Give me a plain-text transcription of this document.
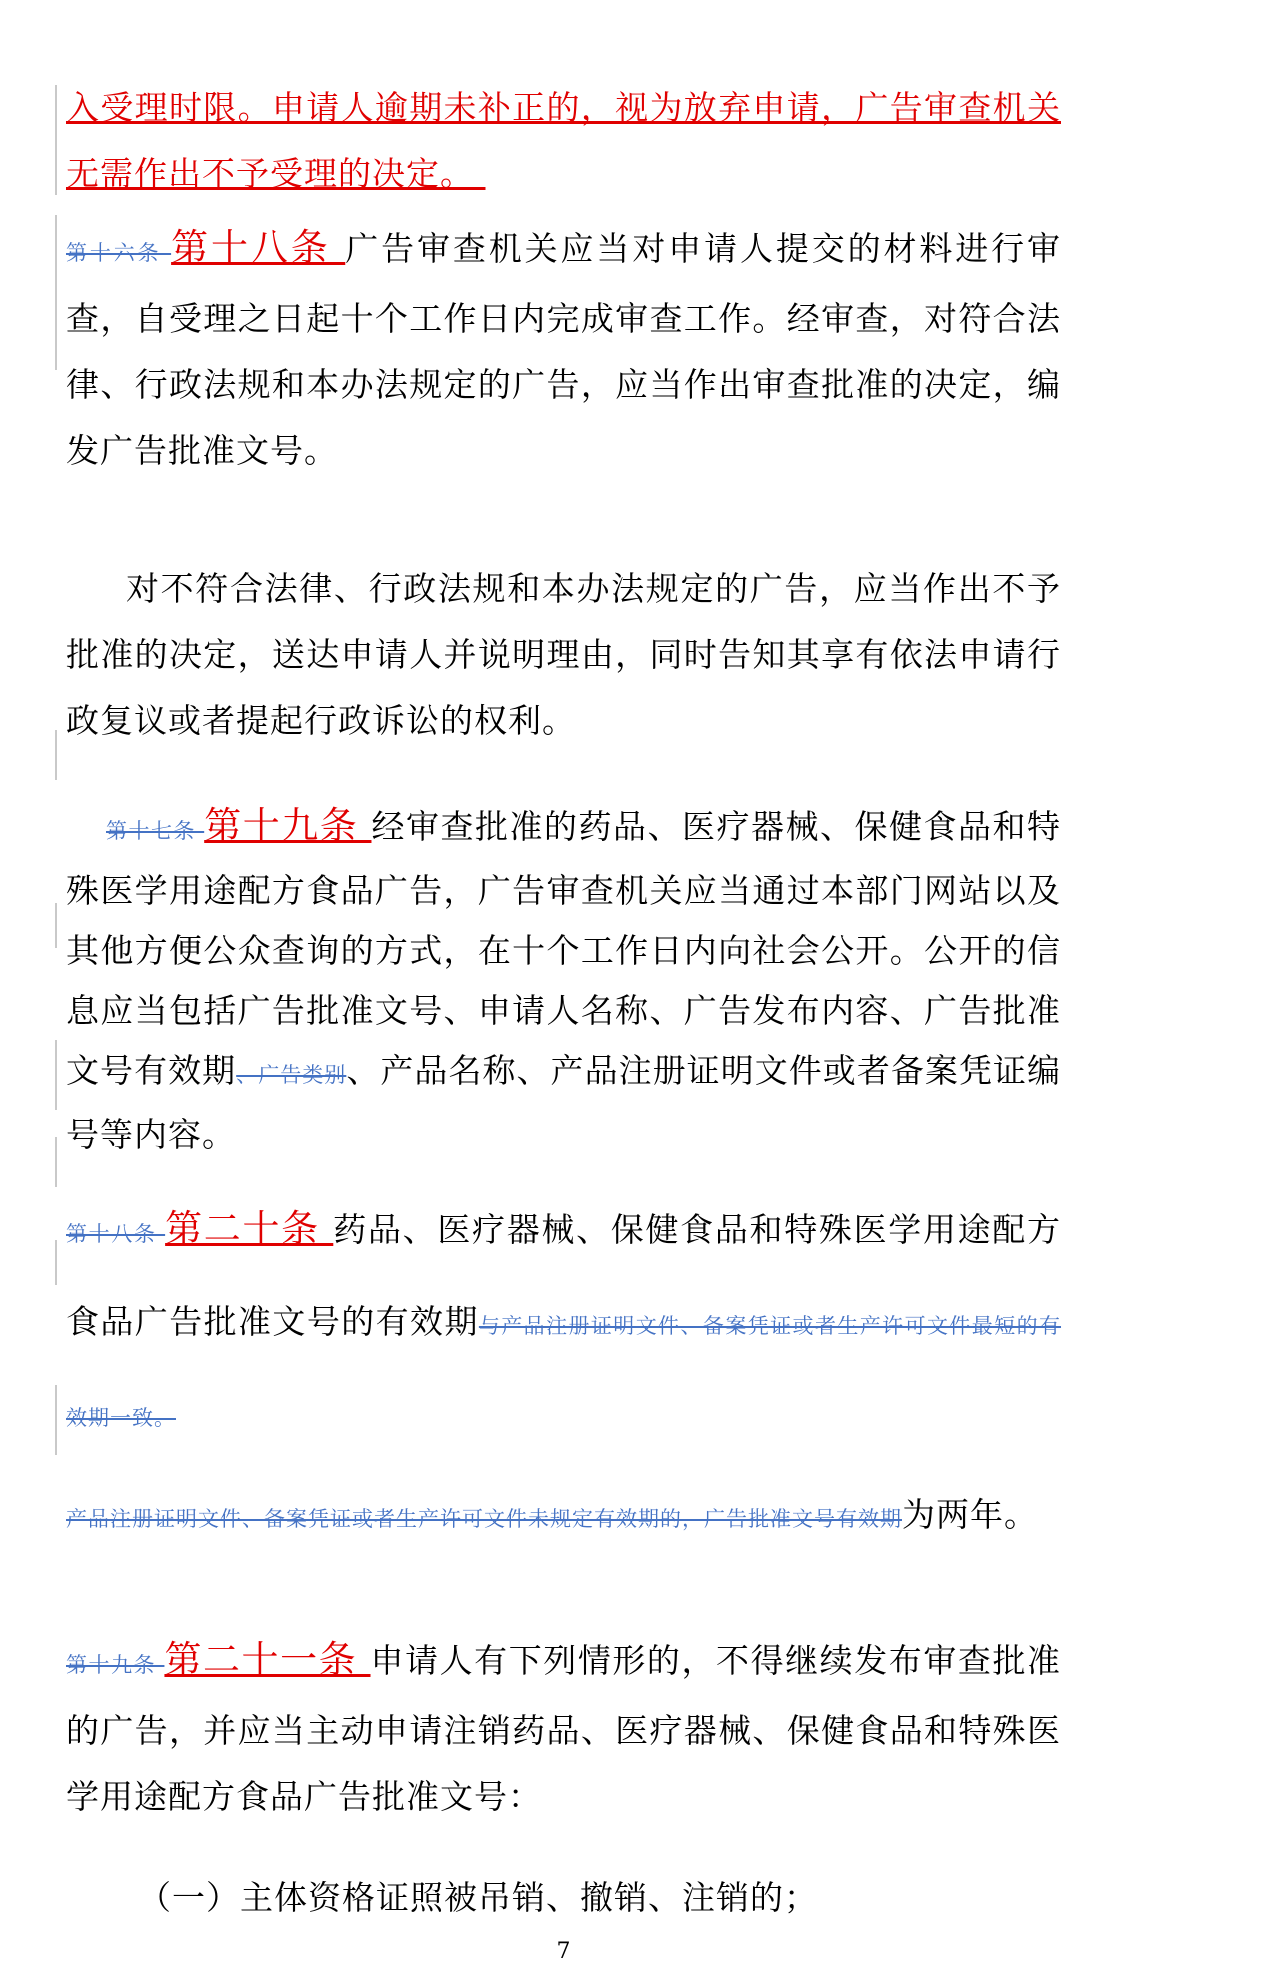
入受理时限。申请人逾期未补正的，视为放弃申请，广告审查机关无需作出不予受理的决定。

第十六条 第十八条 广告审查机关应当对申请人提交的材料进行审查，自受理之日起十个工作日内完成审查工作。经审查，对符合法律、行政法规和本办法规定的广告，应当作出审查批准的决定，编发广告批准文号。

对不符合法律、行政法规和本办法规定的广告，应当作出不予批准的决定，送达申请人并说明理由，同时告知其享有依法申请行政复议或者提起行政诉讼的权利。

第十七条 第十九条 经审查批准的药品、医疗器械、保健食品和特殊医学用途配方食品广告，广告审查机关应当通过本部门网站以及其他方便公众查询的方式，在十个工作日内向社会公开。公开的信息应当包括广告批准文号、申请人名称、广告发布内容、广告批准文号有效期、广告类别、产品名称、产品注册证明文件或者备案凭证编号等内容。

第十八条 第二十条 药品、医疗器械、保健食品和特殊医学用途配方食品广告批准文号的有效期与产品注册证明文件、备案凭证或者生产许可文件最短的有效期一致。

产品注册证明文件、备案凭证或者生产许可文件未规定有效期的，广告批准文号有效期为两年。

第十九条 第二十一条 申请人有下列情形的，不得继续发布审查批准的广告，并应当主动申请注销药品、医疗器械、保健食品和特殊医学用途配方食品广告批准文号：

（一）主体资格证照被吊销、撤销、注销的；

7
